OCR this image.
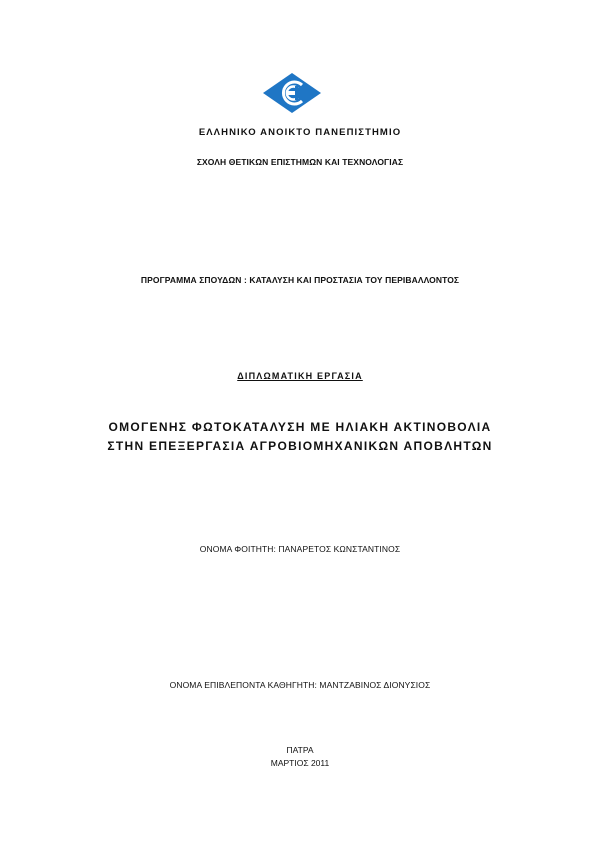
ΕΛΛΗΝΙΚΟ ΑΝΟΙΚΤΟ ΠΑΝΕΠΙΣΤΗΜΙΟ
ΣΧΟΛΗ ΘΕΤΙΚΩΝ ΕΠΙΣΤΗΜΩΝ ΚΑΙ ΤΕΧΝΟΛΟΓΙΑΣ
ΠΡΟΓΡΑΜΜΑ ΣΠΟΥΔΩΝ : ΚΑΤΑΛΥΣΗ ΚΑΙ ΠΡΟΣΤΑΣΙΑ ΤΟΥ ΠΕΡΙΒΑΛΛΟΝΤΟΣ
ΔΙΠΛΩΜΑΤΙΚΗ ΕΡΓΑΣΙΑ
ΟΜΟΓΕΝΗΣ ΦΩΤΟΚΑΤΑΛΥΣΗ ΜΕ ΗΛΙΑΚΗ ΑΚΤΙΝΟΒΟΛΙΑ
ΣΤΗΝ ΕΠΕΞΕΡΓΑΣΙΑ ΑΓΡΟΒΙΟΜΗΧΑΝΙΚΩΝ ΑΠΟΒΛΗΤΩΝ
ΟΝΟΜΑ ΦΟΙΤΗΤΗ: ΠΑΝΑΡΕΤΟΣ ΚΩΝΣΤΑΝΤΙΝΟΣ
ΟΝΟΜΑ ΕΠΙΒΛΕΠΟΝΤΑ ΚΑΘΗΓΗΤΗ: ΜΑΝΤΖΑΒΙΝΟΣ ΔΙΟΝΥΣΙΟΣ
ΠΑΤΡΑ
ΜΑΡΤΙΟΣ 2011
